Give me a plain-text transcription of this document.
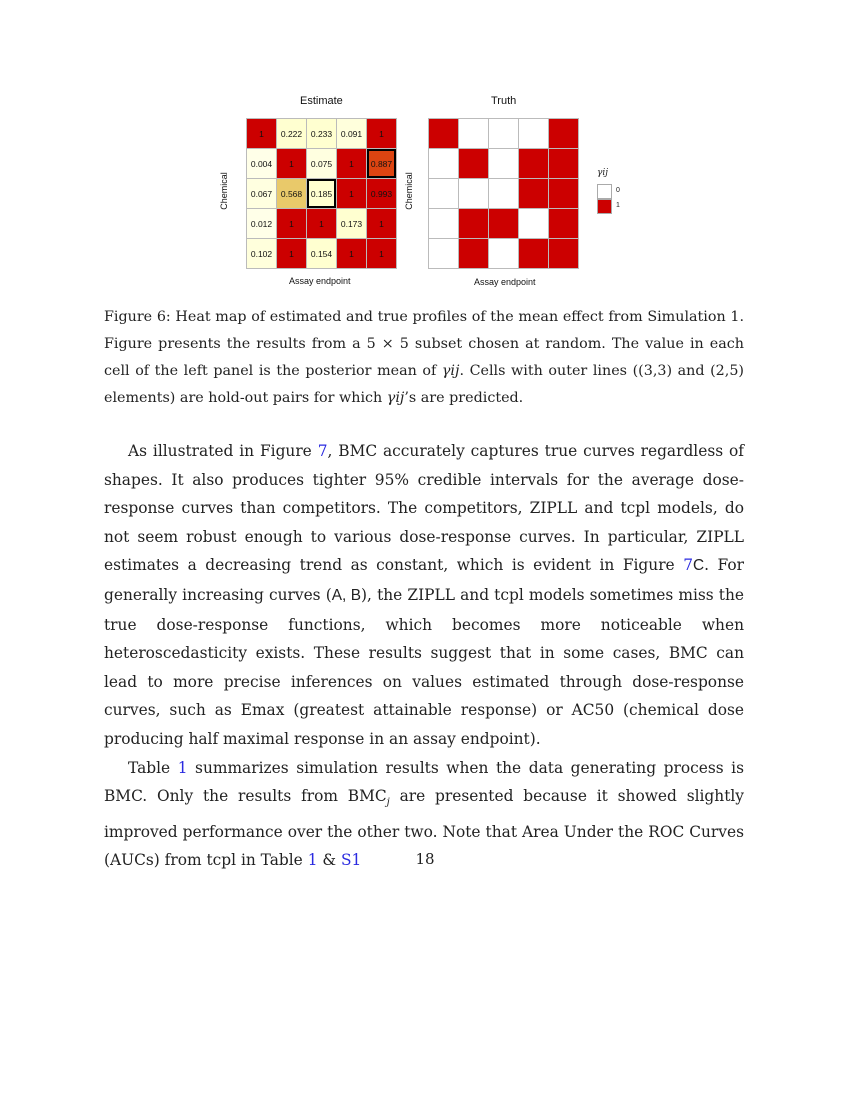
Estimate	Truth
Chemical	Chemical
1	0.222	0.233	0.091	1
0.004	1	0.075	1	0.887
0.067	0.568	0.185	1	0.993
0.012	1	1	0.173	1
0.102	1	0.154	1	1
Assay endpoint	Assay endpoint
γij
0
1
Figure 6: Heat map of estimated and true profiles of the mean effect from Simulation 1. Figure presents the results from a 5 × 5 subset chosen at random. The value in each cell of the left panel is the posterior mean of γij. Cells with outer lines ((3,3) and (2,5) elements) are hold-out pairs for which γij’s are predicted.

As illustrated in Figure 7, BMC accurately captures true curves regardless of shapes. It also produces tighter 95% credible intervals for the average dose-response curves than competitors. The competitors, ZIPLL and tcpl models, do not seem robust enough to various dose-response curves. In particular, ZIPLL estimates a decreasing trend as constant, which is evident in Figure 7C. For generally increasing curves (A, B), the ZIPLL and tcpl models sometimes miss the true dose-response functions, which becomes more noticeable when heteroscedasticity exists. These results suggest that in some cases, BMC can lead to more precise inferences on values estimated through dose-response curves, such as Emax (greatest attainable response) or AC50 (chemical dose producing half maximal response in an assay endpoint).

Table 1 summarizes simulation results when the data generating process is BMC. Only the results from $BMC_j$ are presented because it showed slightly improved performance over the other two. Note that Area Under the ROC Curves (AUCs) from tcpl in Table 1 & S1	18
